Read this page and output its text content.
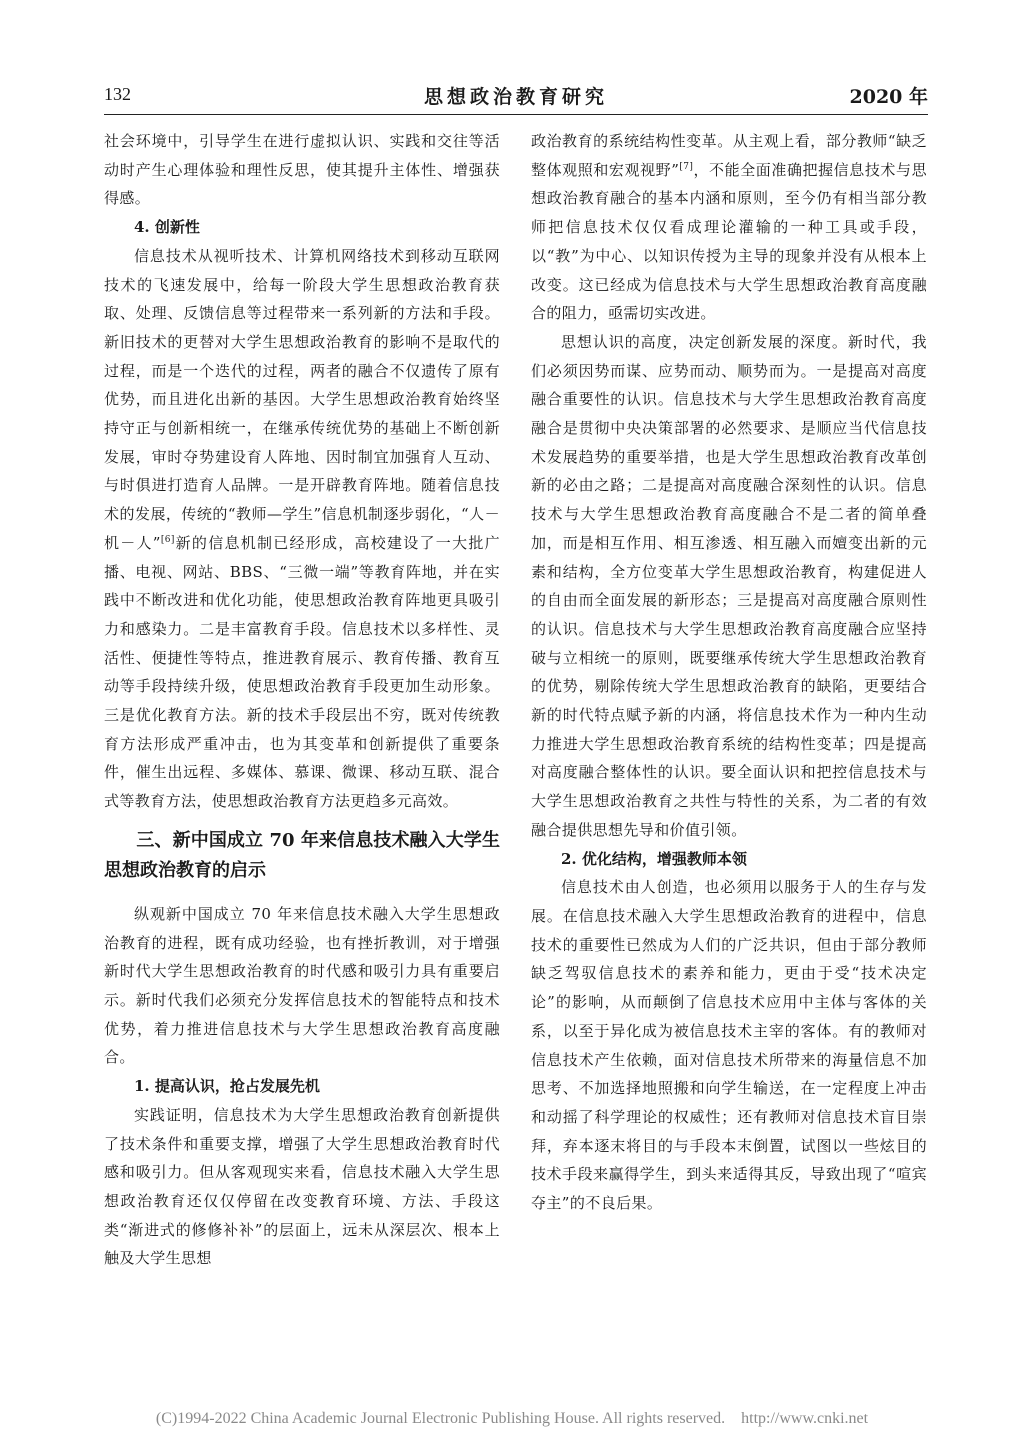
132	思想政治教育研究	2020 年

社会环境中，引导学生在进行虚拟认识、实践和交往等活动时产生心理体验和理性反思，使其提升主体性、增强获得感。

4. 创新性

信息技术从视听技术、计算机网络技术到移动互联网技术的飞速发展中，给每一阶段大学生思想政治教育获取、处理、反馈信息等过程带来一系列新的方法和手段。新旧技术的更替对大学生思想政治教育的影响不是取代的过程，而是一个迭代的过程，两者的融合不仅遗传了原有优势，而且进化出新的基因。大学生思想政治教育始终坚持守正与创新相统一，在继承传统优势的基础上不断创新发展，审时夺势建设育人阵地、因时制宜加强育人互动、与时俱进打造育人品牌。一是开辟教育阵地。随着信息技术的发展，传统的“教师—学生”信息机制逐步弱化，“人－机－人”[6]新的信息机制已经形成，高校建设了一大批广播、电视、网站、BBS、“三微一端”等教育阵地，并在实践中不断改进和优化功能，使思想政治教育阵地更具吸引力和感染力。二是丰富教育手段。信息技术以多样性、灵活性、便捷性等特点，推进教育展示、教育传播、教育互动等手段持续升级，使思想政治教育手段更加生动形象。三是优化教育方法。新的技术手段层出不穷，既对传统教育方法形成严重冲击，也为其变革和创新提供了重要条件，催生出远程、多媒体、慕课、微课、移动互联、混合式等教育方法，使思想政治教育方法更趋多元高效。

三、新中国成立 70 年来信息技术融入大学生思想政治教育的启示

纵观新中国成立 70 年来信息技术融入大学生思想政治教育的进程，既有成功经验，也有挫折教训，对于增强新时代大学生思想政治教育的时代感和吸引力具有重要启示。新时代我们必须充分发挥信息技术的智能特点和技术优势，着力推进信息技术与大学生思想政治教育高度融合。

1. 提高认识，抢占发展先机

实践证明，信息技术为大学生思想政治教育创新提供了技术条件和重要支撑，增强了大学生思想政治教育时代感和吸引力。但从客观现实来看，信息技术融入大学生思想政治教育还仅仅停留在改变教育环境、方法、手段这类“渐进式的修修补补”的层面上，远未从深层次、根本上触及大学生思想

政治教育的系统结构性变革。从主观上看，部分教师“缺乏整体观照和宏观视野”[7]，不能全面准确把握信息技术与思想政治教育融合的基本内涵和原则，至今仍有相当部分教师把信息技术仅仅看成理论灌输的一种工具或手段，以“教”为中心、以知识传授为主导的现象并没有从根本上改变。这已经成为信息技术与大学生思想政治教育高度融合的阻力，亟需切实改进。

思想认识的高度，决定创新发展的深度。新时代，我们必须因势而谋、应势而动、顺势而为。一是提高对高度融合重要性的认识。信息技术与大学生思想政治教育高度融合是贯彻中央决策部署的必然要求、是顺应当代信息技术发展趋势的重要举措，也是大学生思想政治教育改革创新的必由之路；二是提高对高度融合深刻性的认识。信息技术与大学生思想政治教育高度融合不是二者的简单叠加，而是相互作用、相互渗透、相互融入而嬗变出新的元素和结构，全方位变革大学生思想政治教育，构建促进人的自由而全面发展的新形态；三是提高对高度融合原则性的认识。信息技术与大学生思想政治教育高度融合应坚持破与立相统一的原则，既要继承传统大学生思想政治教育的优势，剔除传统大学生思想政治教育的缺陷，更要结合新的时代特点赋予新的内涵，将信息技术作为一种内生动力推进大学生思想政治教育系统的结构性变革；四是提高对高度融合整体性的认识。要全面认识和把控信息技术与大学生思想政治教育之共性与特性的关系，为二者的有效融合提供思想先导和价值引领。

2. 优化结构，增强教师本领

信息技术由人创造，也必须用以服务于人的生存与发展。在信息技术融入大学生思想政治教育的进程中，信息技术的重要性已然成为人们的广泛共识，但由于部分教师缺乏驾驭信息技术的素养和能力，更由于受“技术决定论”的影响，从而颠倒了信息技术应用中主体与客体的关系，以至于异化成为被信息技术主宰的客体。有的教师对信息技术产生依赖，面对信息技术所带来的海量信息不加思考、不加选择地照搬和向学生输送，在一定程度上冲击和动摇了科学理论的权威性；还有教师对信息技术盲目崇拜，弃本逐末将目的与手段本末倒置，试图以一些炫目的技术手段来赢得学生，到头来适得其反，导致出现了“喧宾夺主”的不良后果。

(C)1994-2022 China Academic Journal Electronic Publishing House. All rights reserved. http://www.cnki.net
